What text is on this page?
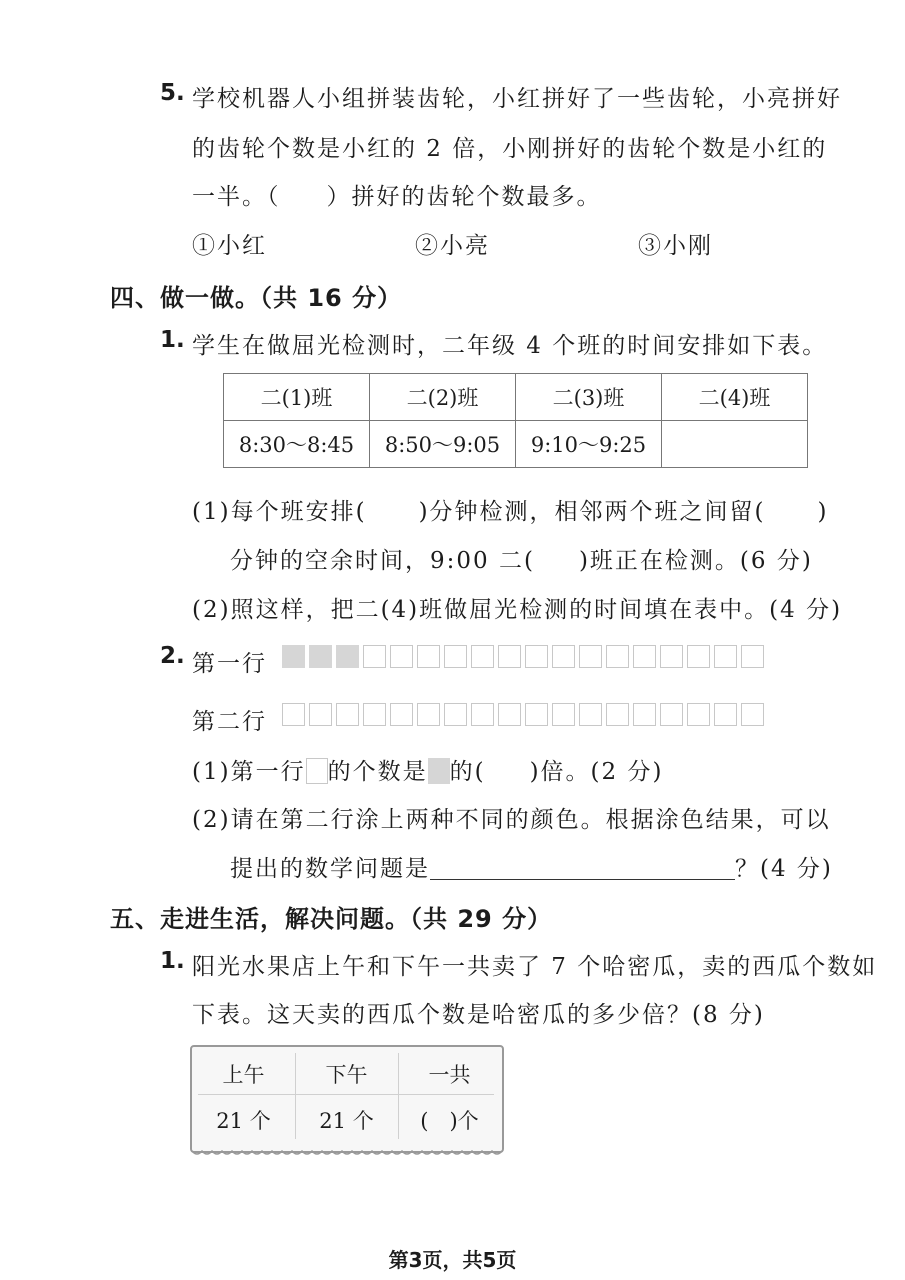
5. 学校机器人小组拼装齿轮，小红拼好了一些齿轮，小亮拼好
的齿轮个数是小红的 2 倍，小刚拼好的齿轮个数是小红的
一半。（ ）拼好的齿轮个数最多。
①小红	②小亮	③小刚
四、做一做。（共 16 分）
1. 学生在做屈光检测时，二年级 4 个班的时间安排如下表。
二(1)班	二(2)班	二(3)班	二(4)班
8:30～8:45	8:50～9:05	9:10～9:25	
(1)每个班安排( )分钟检测，相邻两个班之间留( )
分钟的空余时间，9:00 二( )班正在检测。(6 分)
(2)照这样，把二(4)班做屈光检测的时间填在表中。(4 分)
2. 第一行
第二行
(1)第一行 的个数是 的( )倍。(2 分)
(2)请在第二行涂上两种不同的颜色。根据涂色结果，可以
提出的数学问题是	？(4 分)
五、走进生活，解决问题。（共 29 分）
1. 阳光水果店上午和下午一共卖了 7 个哈密瓜，卖的西瓜个数如
下表。这天卖的西瓜个数是哈密瓜的多少倍？(8 分)
上午	下午	一共
21 个	21 个	(　)个
第3页，共5页
